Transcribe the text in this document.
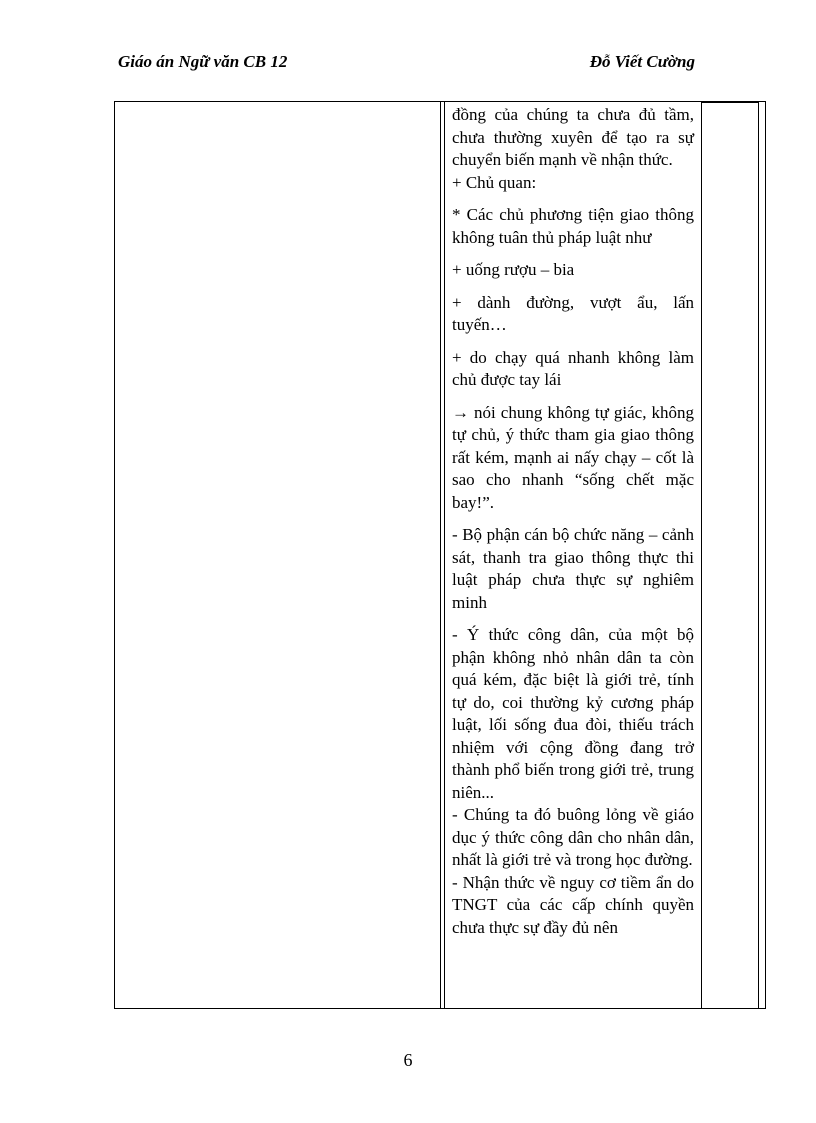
Giáo án Ngữ văn CB 12	Đỗ Viết Cường

đồng của chúng ta chưa đủ tầm, chưa thường xuyên để tạo ra sự chuyển biến mạnh về nhận thức.

+ Chủ quan:

* Các chủ phương tiện giao thông không tuân thủ pháp luật như

+ uống rượu – bia

+ dành đường, vượt ẩu, lấn tuyến…

+ do chạy quá nhanh không làm chủ được tay lái

→ nói chung không tự giác, không tự chủ, ý thức tham gia giao thông rất kém, mạnh ai nấy chạy – cốt là sao cho nhanh “sống chết mặc bay!”.

- Bộ phận cán bộ chức năng – cảnh sát, thanh tra giao thông thực thi luật pháp chưa thực sự nghiêm minh

- Ý thức công dân, của một bộ phận không nhỏ nhân dân ta còn quá kém, đặc biệt là giới trẻ, tính tự do, coi thường kỷ cương pháp luật, lối sống đua đòi, thiếu trách nhiệm với cộng đồng đang trở thành phổ biến trong giới trẻ, trung niên...

- Chúng ta đó buông lỏng về giáo dục ý thức công dân cho nhân dân, nhất là giới trẻ và trong học đường.

- Nhận thức về nguy cơ tiềm ẩn do TNGT của các cấp chính quyền chưa thực sự đầy đủ nên

6
